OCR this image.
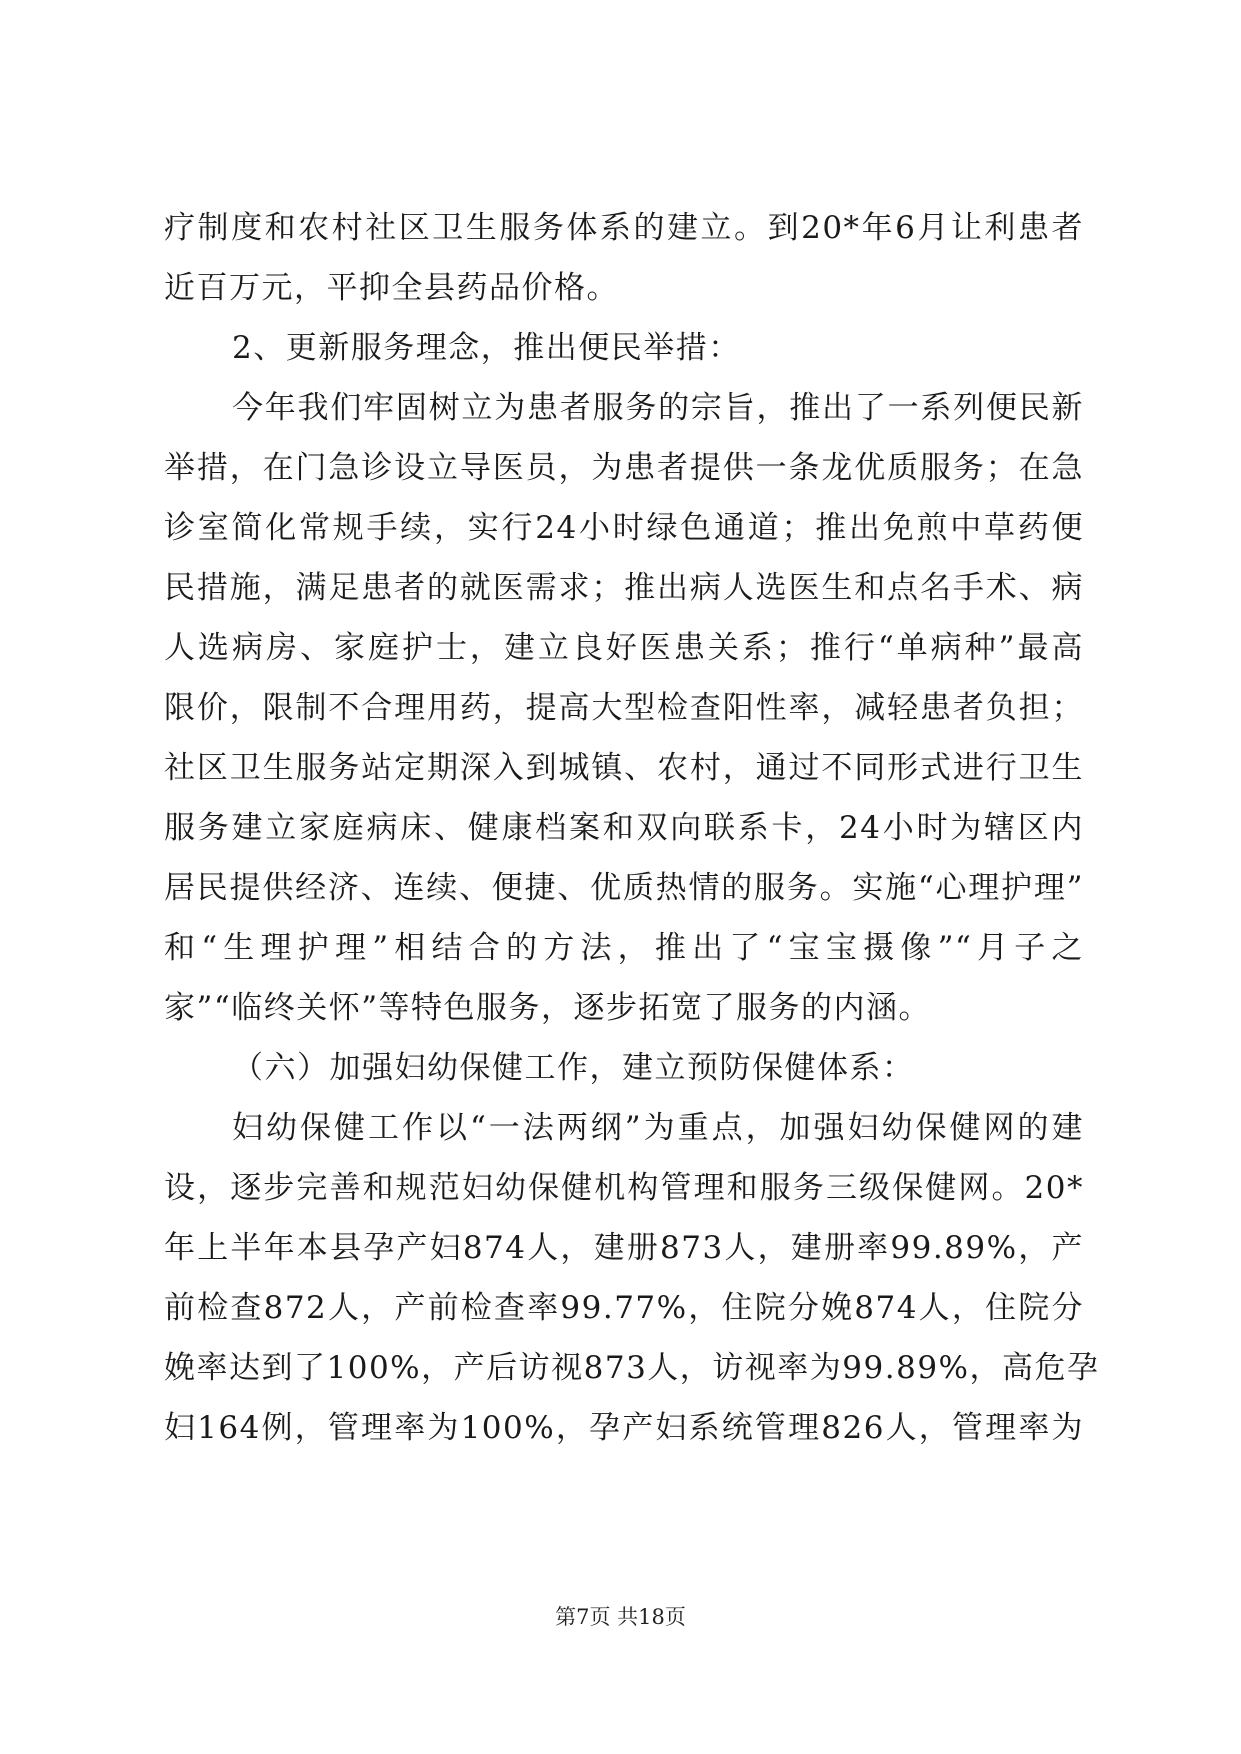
疗制度和农村社区卫生服务体系的建立。到20*年6月让利患者
近百万元，平抑全县药品价格。
2、更新服务理念，推出便民举措：
今年我们牢固树立为患者服务的宗旨，推出了一系列便民新
举措，在门急诊设立导医员，为患者提供一条龙优质服务；在急
诊室简化常规手续，实行24小时绿色通道；推出免煎中草药便
民措施，满足患者的就医需求；推出病人选医生和点名手术、病
人选病房、家庭护士，建立良好医患关系；推行“单病种”最高
限价，限制不合理用药，提高大型检查阳性率，减轻患者负担；
社区卫生服务站定期深入到城镇、农村，通过不同形式进行卫生
服务建立家庭病床、健康档案和双向联系卡，24小时为辖区内
居民提供经济、连续、便捷、优质热情的服务。实施“心理护理”
和“生理护理”相结合的方法，推出了“宝宝摄像”“月子之
家”“临终关怀”等特色服务，逐步拓宽了服务的内涵。
（六）加强妇幼保健工作，建立预防保健体系：
妇幼保健工作以“一法两纲”为重点，加强妇幼保健网的建
设，逐步完善和规范妇幼保健机构管理和服务三级保健网。20*
年上半年本县孕产妇874人，建册873人，建册率99.89%，产
前检查872人，产前检查率99.77%，住院分娩874人，住院分
娩率达到了100%，产后访视873人，访视率为99.89%，高危孕
妇164例，管理率为100%，孕产妇系统管理826人，管理率为
第7页 共18页
